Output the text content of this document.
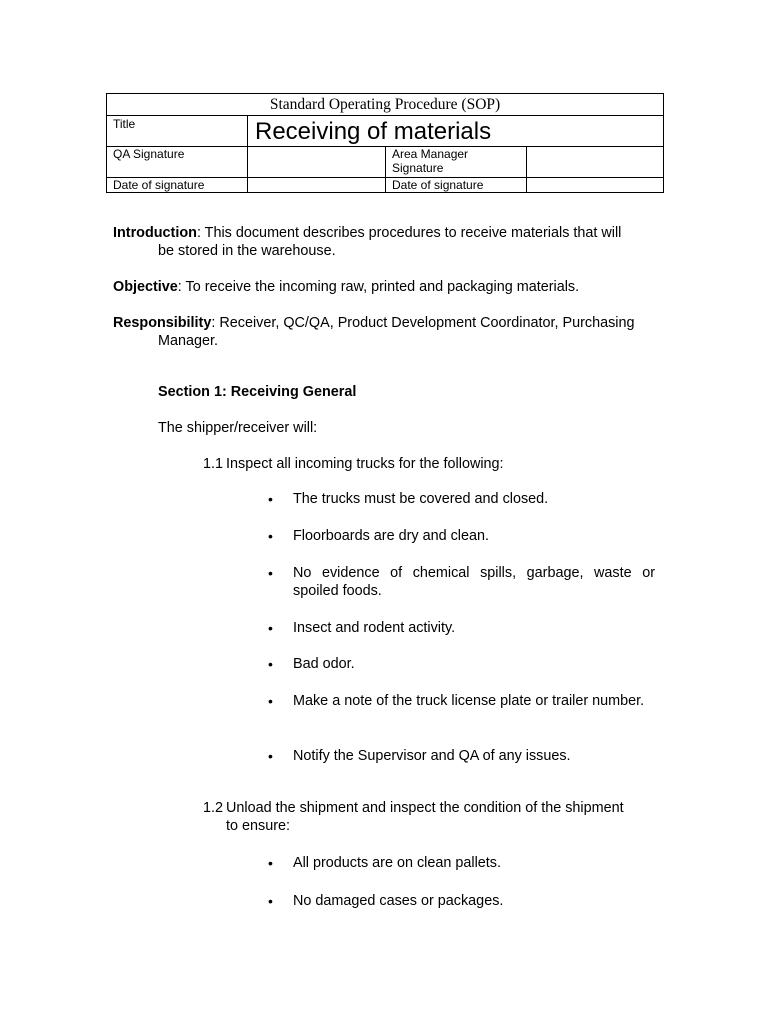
Standard Operating Procedure (SOP)			
Title	Receiving of materials		
QA Signature		Area Manager
Signature	
Date of signature		Date of signature	

Introduction: This document describes procedures to receive materials that will
be stored in the warehouse.

Objective: To receive the incoming raw, printed and packaging materials.

Responsibility: Receiver, QC/QA, Product Development Coordinator, Purchasing
Manager.

Section 1: Receiving General

The shipper/receiver will:

1.1 Inspect all incoming trucks for the following:

•	The trucks must be covered and closed.

•	Floorboards are dry and clean.

•	No evidence of chemical spills, garbage, waste or spoiled foods.

•	Insect and rodent activity.

•	Bad odor.

•	Make a note of the truck license plate or trailer number.

•	Notify the Supervisor and QA of any issues.

1.2 Unload the shipment and inspect the condition of the shipment
to ensure:

•	All products are on clean pallets.

•	No damaged cases or packages.
